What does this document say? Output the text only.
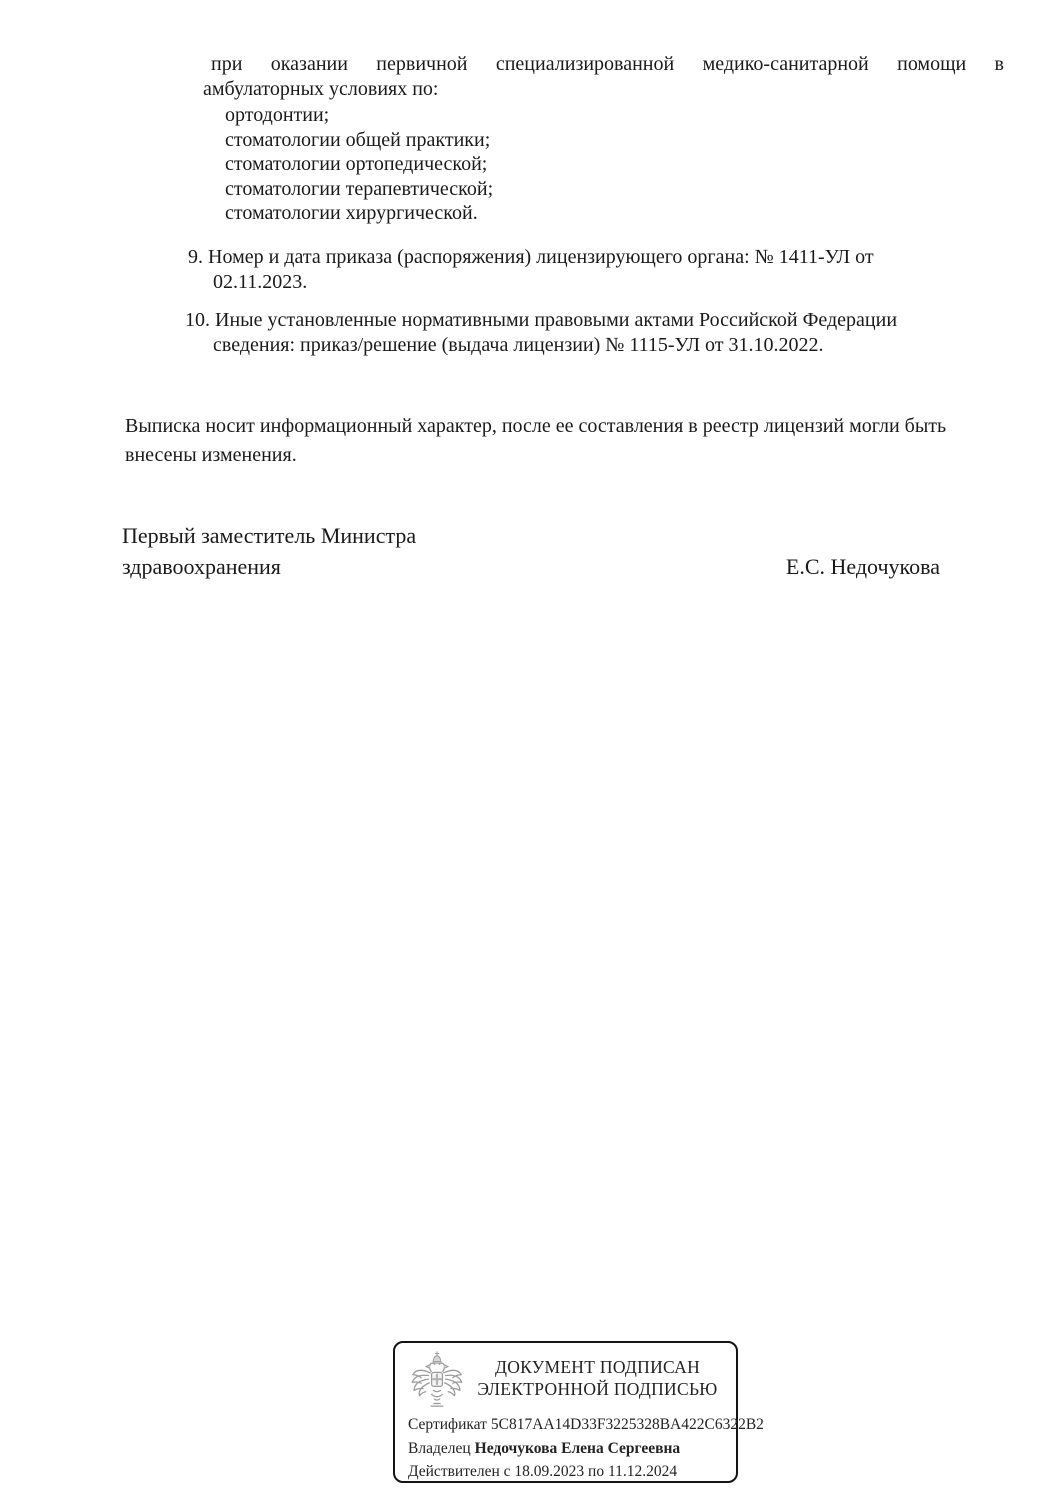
при оказании первичной специализированной медико-санитарной помощи в
амбулаторных условиях по:
ортодонтии;
стоматологии общей практики;
стоматологии ортопедической;
стоматологии терапевтической;
стоматологии хирургической.
9. Номер и дата приказа (распоряжения) лицензирующего органа: № 1411-УЛ от
02.11.2023.
10. Иные установленные нормативными правовыми актами Российской Федерации
сведения: приказ/решение (выдача лицензии) № 1115-УЛ от 31.10.2022.
Выписка носит информационный характер, после ее составления в реестр лицензий могли быть
внесены изменения.
Первый заместитель Министра
здравоохранения	Е.С. Недочукова
ДОКУМЕНТ ПОДПИСАН
ЭЛЕКТРОННОЙ ПОДПИСЬЮ
Сертификат 5C817AA14D33F3225328BA422C6322B2
Владелец Недочукова Елена Сергеевна
Действителен с 18.09.2023 по 11.12.2024
